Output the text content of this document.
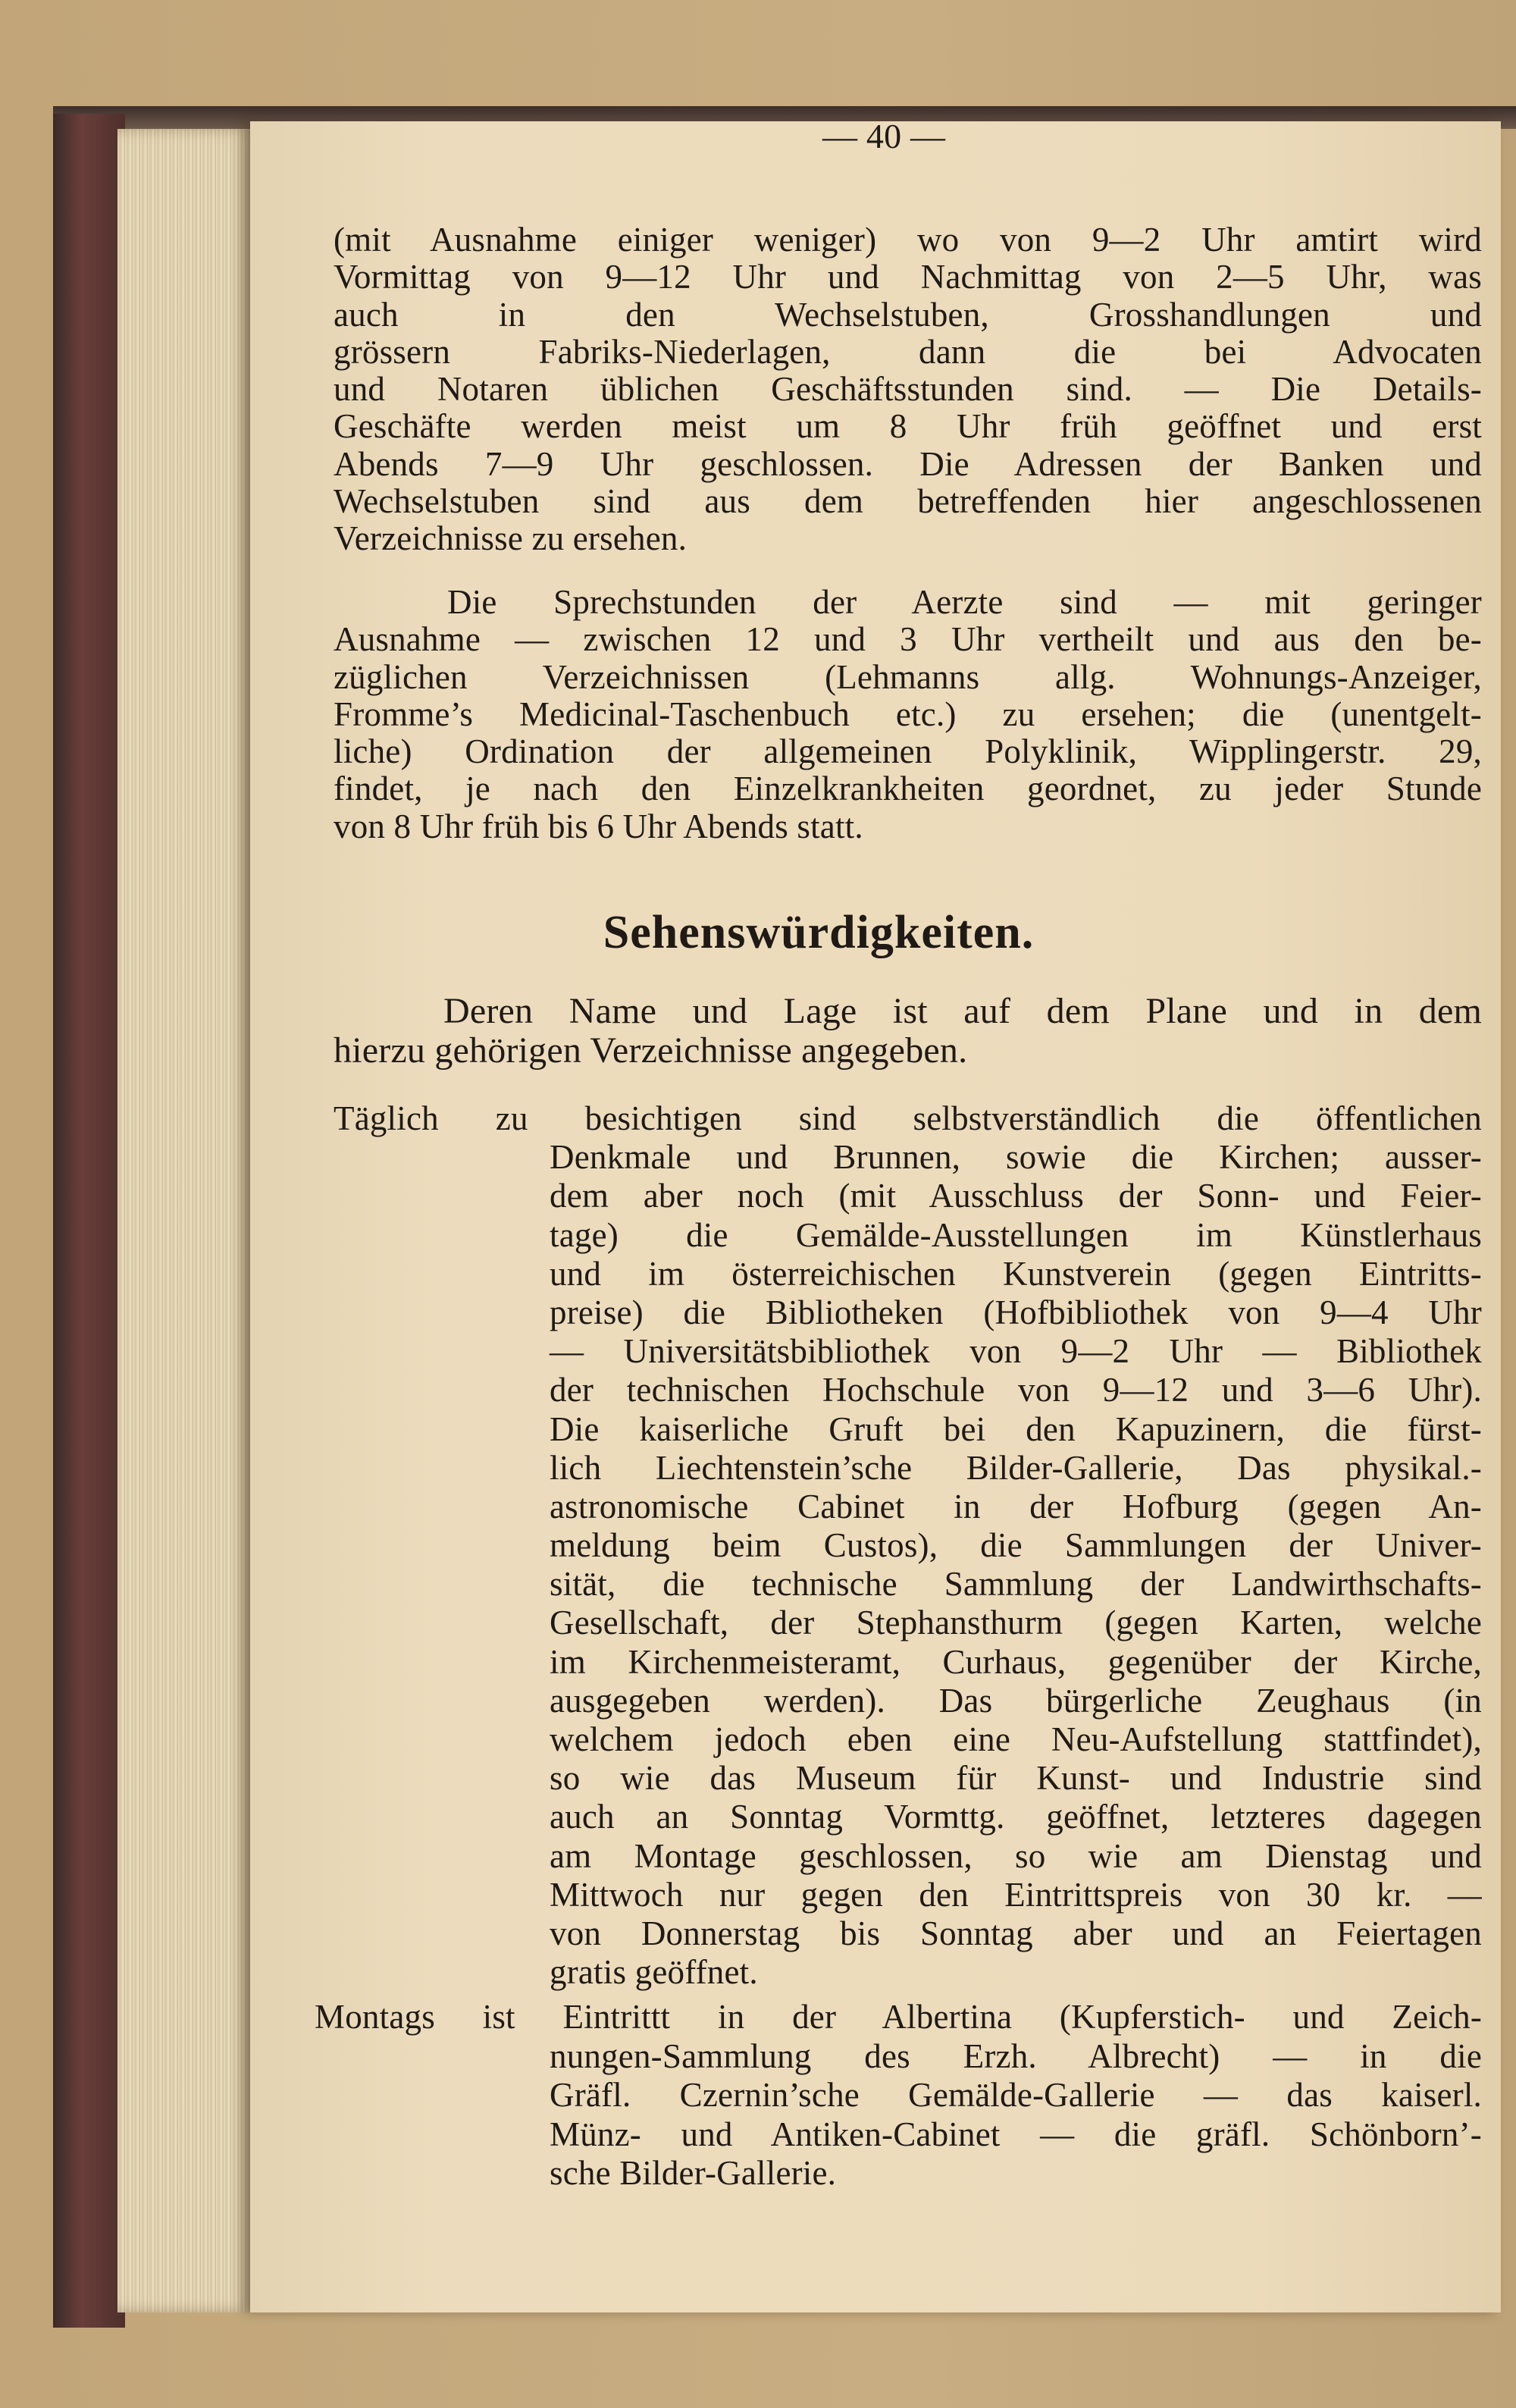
— 40 —
(mit Ausnahme einiger weniger) wo von 9—2 Uhr amtirt wird
Vormittag von 9—12 Uhr und Nachmittag von 2—5 Uhr, was
auch in den Wechselstuben, Grosshandlungen und
grössern Fabriks-Niederlagen, dann die bei Advocaten
und Notaren üblichen Geschäftsstunden sind. — Die Details-
Geschäfte werden meist um 8 Uhr früh geöffnet und erst
Abends 7—9 Uhr geschlossen. Die Adressen der Banken und
Wechselstuben sind aus dem betreffenden hier angeschlossenen
Verzeichnisse zu ersehen.
Die Sprechstunden der Aerzte sind — mit geringer
Ausnahme — zwischen 12 und 3 Uhr vertheilt und aus den be-
züglichen Verzeichnissen (Lehmanns allg. Wohnungs-Anzeiger,
Fromme’s Medicinal-Taschenbuch etc.) zu ersehen; die (unentgelt-
liche) Ordination der allgemeinen Polyklinik, Wipplingerstr. 29,
findet, je nach den Einzelkrankheiten geordnet, zu jeder Stunde
von 8 Uhr früh bis 6 Uhr Abends statt.
Sehenswürdigkeiten.
Deren Name und Lage ist auf dem Plane und in dem
hierzu gehörigen Verzeichnisse angegeben.
Täglich zu besichtigen sind selbstverständlich die öffentlichen
Denkmale und Brunnen, sowie die Kirchen; ausser-
dem aber noch (mit Ausschluss der Sonn- und Feier-
tage) die Gemälde-Ausstellungen im Künstlerhaus
und im österreichischen Kunstverein (gegen Eintritts-
preise) die Bibliotheken (Hofbibliothek von 9—4 Uhr
— Universitätsbibliothek von 9—2 Uhr — Bibliothek
der technischen Hochschule von 9—12 und 3—6 Uhr).
Die kaiserliche Gruft bei den Kapuzinern, die fürst-
lich Liechtenstein’sche Bilder-Gallerie, Das physikal.-
astronomische Cabinet in der Hofburg (gegen An-
meldung beim Custos), die Sammlungen der Univer-
sität, die technische Sammlung der Landwirthschafts-
Gesellschaft, der Stephansthurm (gegen Karten, welche
im Kirchenmeisteramt, Curhaus, gegenüber der Kirche,
ausgegeben werden). Das bürgerliche Zeughaus (in
welchem jedoch eben eine Neu-Aufstellung stattfindet),
so wie das Museum für Kunst- und Industrie sind
auch an Sonntag Vormttg. geöffnet, letzteres dagegen
am Montage geschlossen, so wie am Dienstag und
Mittwoch nur gegen den Eintrittspreis von 30 kr. —
von Donnerstag bis Sonntag aber und an Feiertagen
gratis geöffnet.
Montags ist Eintrittt in der Albertina (Kupferstich- und Zeich-
nungen-Sammlung des Erzh. Albrecht) — in die
Gräfl. Czernin’sche Gemälde-Gallerie — das kaiserl.
Münz- und Antiken-Cabinet — die gräfl. Schönborn’-
sche Bilder-Gallerie.
